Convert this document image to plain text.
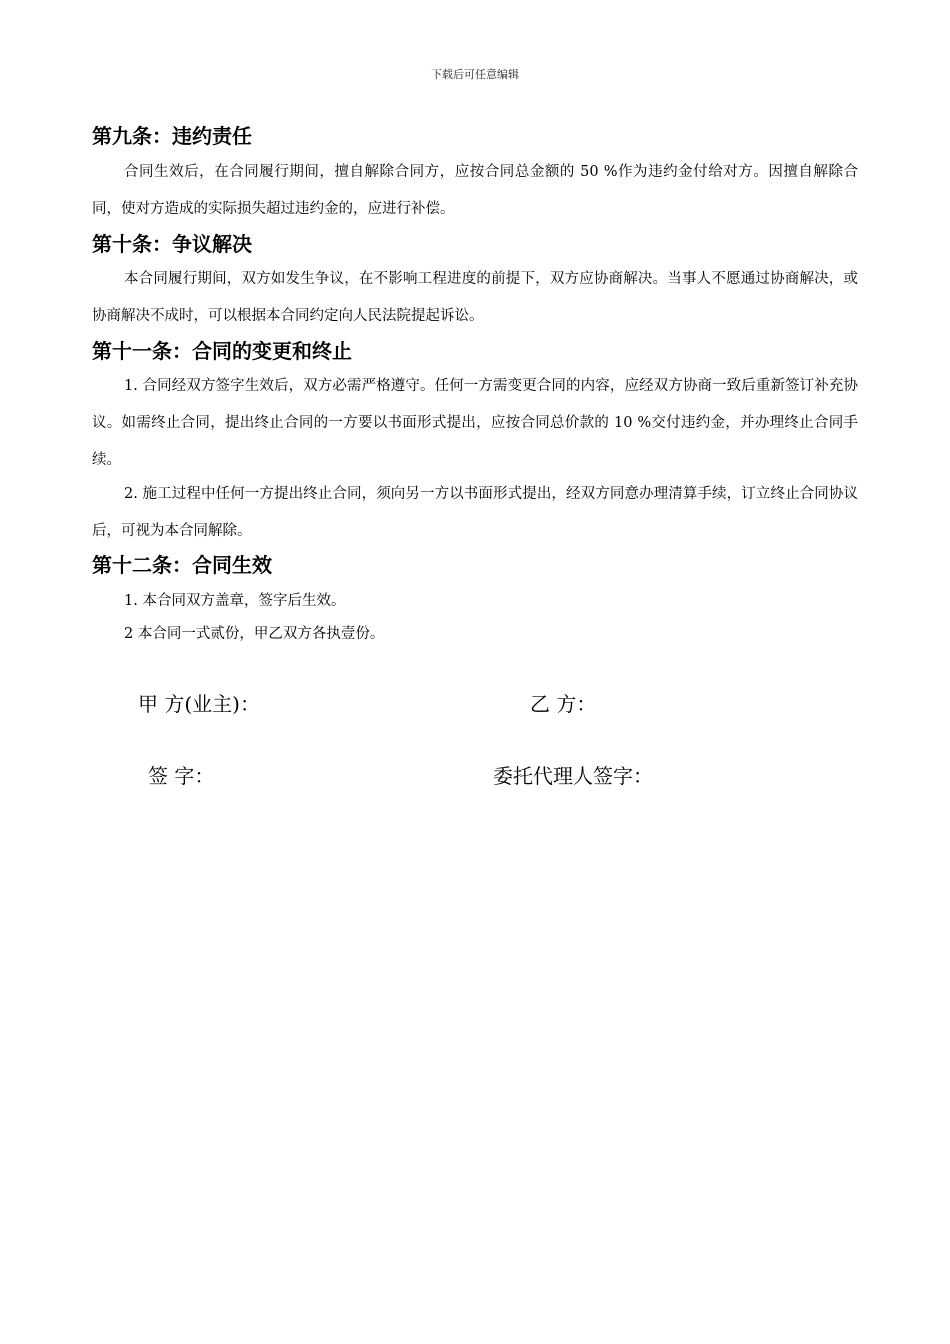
下载后可任意编辑
第九条：违约责任

合同生效后，在合同履行期间，擅自解除合同方，应按合同总金额的 50 %作为违约金付给对方。因擅自解除合同，使对方造成的实际损失超过违约金的，应进行补偿。

第十条：争议解决

本合同履行期间，双方如发生争议，在不影响工程进度的前提下，双方应协商解决。当事人不愿通过协商解决，或协商解决不成时，可以根据本合同约定向人民法院提起诉讼。

第十一条：合同的变更和终止

1. 合同经双方签字生效后，双方必需严格遵守。任何一方需变更合同的内容，应经双方协商一致后重新签订补充协议。如需终止合同，提出终止合同的一方要以书面形式提出，应按合同总价款的 10 %交付违约金，并办理终止合同手续。

2. 施工过程中任何一方提出终止合同，须向另一方以书面形式提出，经双方同意办理清算手续，订立终止合同协议后，可视为本合同解除。

第十二条：合同生效

1. 本合同双方盖章，签字后生效。

2 本合同一式贰份，甲乙双方各执壹份。

甲 方(业主)：	乙 方：
签 字：	委托代理人签字：
